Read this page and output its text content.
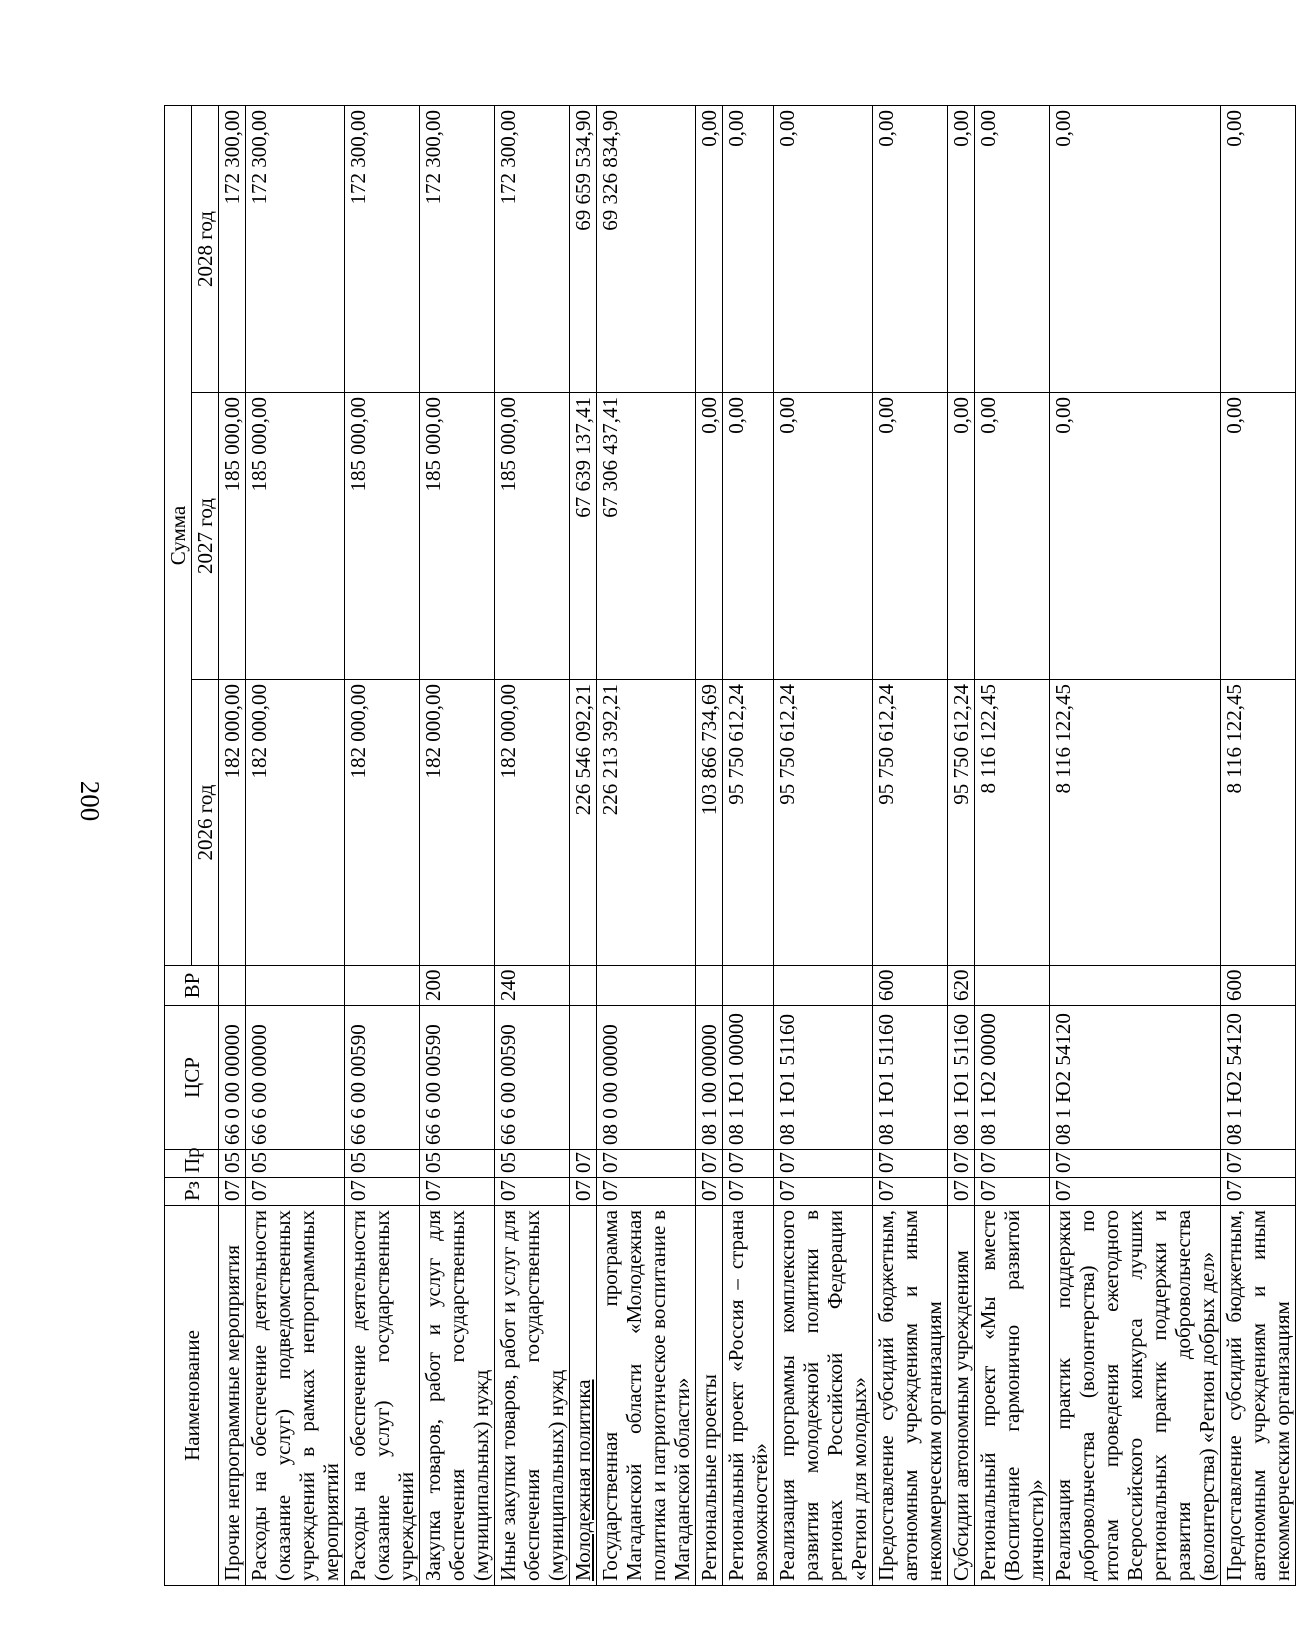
200
Наименование	Рз	Пр	ЦСР	ВР	Сумма		
					2026 год	2027 год	2028 год
Прочие непрограммные мероприятия	07	05	66 0 00 00000		182 000,00	185 000,00	172 300,00
Расходы на обеспечение деятельности (оказание услуг) подведомственных учреждений в рамках непрограммных мероприятий	07	05	66 6 00 00000		182 000,00	185 000,00	172 300,00
Расходы на обеспечение деятельности (оказание услуг) государственных учреждений	07	05	66 6 00 00590		182 000,00	185 000,00	172 300,00
Закупка товаров, работ и услуг для обеспечения государственных (муниципальных) нужд	07	05	66 6 00 00590	200	182 000,00	185 000,00	172 300,00
Иные закупки товаров, работ и услуг для обеспечения государственных (муниципальных) нужд	07	05	66 6 00 00590	240	182 000,00	185 000,00	172 300,00
Молодежная политика	07	07			226 546 092,21	67 639 137,41	69 659 534,90
Государственная программа Магаданской области «Молодежная политика и патриотическое воспитание в Магаданской области»	07	07	08 0 00 00000		226 213 392,21	67 306 437,41	69 326 834,90
Региональные проекты	07	07	08 1 00 00000		103 866 734,69	0,00	0,00
Региональный проект «Россия – страна возможностей»	07	07	08 1 Ю1 00000		95 750 612,24	0,00	0,00
Реализация программы комплексного развития молодежной политики в регионах Российской Федерации «Регион для молодых»	07	07	08 1 Ю1 51160		95 750 612,24	0,00	0,00
Предоставление субсидий бюджетным, автономным учреждениям и иным некоммерческим организациям	07	07	08 1 Ю1 51160	600	95 750 612,24	0,00	0,00
Субсидии автономным учреждениям	07	07	08 1 Ю1 51160	620	95 750 612,24	0,00	0,00
Региональный проект «Мы вместе (Воспитание гармонично развитой личности)»	07	07	08 1 Ю2 00000		8 116 122,45	0,00	0,00
Реализация практик поддержки добровольчества (волонтерства) по итогам проведения ежегодного Всероссийского конкурса лучших региональных практик поддержки и развития добровольчества (волонтерства) «Регион добрых дел»	07	07	08 1 Ю2 54120		8 116 122,45	0,00	0,00
Предоставление субсидий бюджетным, автономным учреждениям и иным некоммерческим организациям	07	07	08 1 Ю2 54120	600	8 116 122,45	0,00	0,00
